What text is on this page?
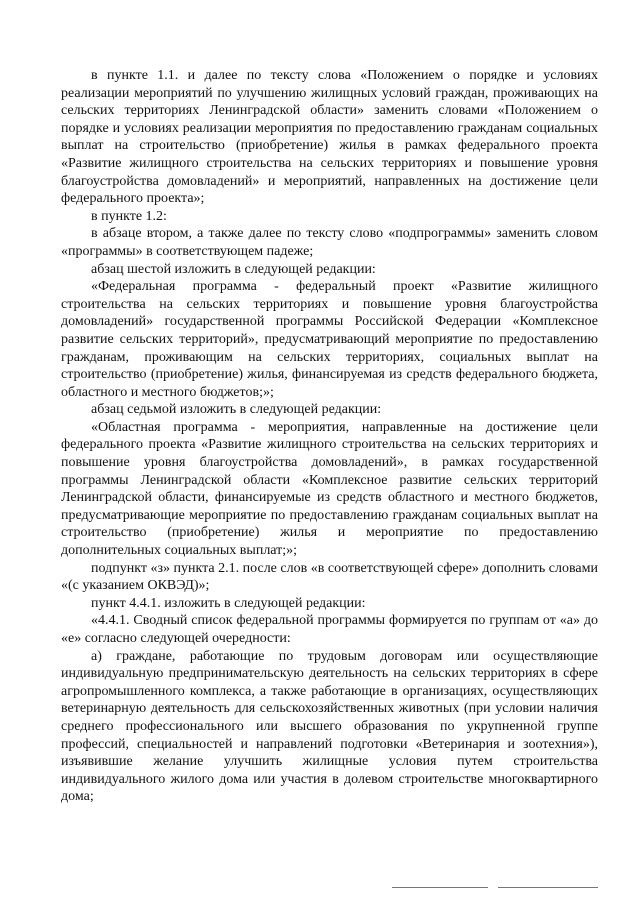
в пункте 1.1. и далее по тексту слова «Положением о порядке и условиях реализации мероприятий по улучшению жилищных условий граждан, проживающих на сельских территориях Ленинградской области» заменить словами «Положением о порядке и условиях реализации мероприятия по предоставлению гражданам социальных выплат на строительство (приобретение) жилья в рамках федерального проекта «Развитие жилищного строительства на сельских территориях и повышение уровня благоустройства домовладений» и мероприятий, направленных на достижение цели федерального проекта»;

в пункте 1.2:

в абзаце втором, а также далее по тексту слово «подпрограммы» заменить словом «программы» в соответствующем падеже;

абзац шестой изложить в следующей редакции:

«Федеральная программа - федеральный проект «Развитие жилищного строительства на сельских территориях и повышение уровня благоустройства домовладений» государственной программы Российской Федерации «Комплексное развитие сельских территорий», предусматривающий мероприятие по предоставлению гражданам, проживающим на сельских территориях, социальных выплат на строительство (приобретение) жилья, финансируемая из средств федерального бюджета, областного и местного бюджетов;»;

абзац седьмой изложить в следующей редакции:

«Областная программа - мероприятия, направленные на достижение цели федерального проекта «Развитие жилищного строительства на сельских территориях и повышение уровня благоустройства домовладений», в рамках государственной программы Ленинградской области «Комплексное развитие сельских территорий Ленинградской области, финансируемые из средств областного и местного бюджетов, предусматривающие мероприятие по предоставлению гражданам социальных выплат на строительство (приобретение) жилья и мероприятие по предоставлению дополнительных социальных выплат;»;

подпункт «з» пункта 2.1. после слов «в соответствующей сфере» дополнить словами «(с указанием ОКВЭД)»;

пункт 4.4.1. изложить в следующей редакции:

«4.4.1. Сводный список федеральной программы формируется по группам от «а» до «е» согласно следующей очередности:

а) граждане, работающие по трудовым договорам или осуществляющие индивидуальную предпринимательскую деятельность на сельских территориях в сфере агропромышленного комплекса, а также работающие в организациях, осуществляющих ветеринарную деятельность для сельскохозяйственных животных (при условии наличия среднего профессионального или высшего образования по укрупненной группе профессий, специальностей и направлений подготовки «Ветеринария и зоотехния»), изъявившие желание улучшить жилищные условия путем строительства индивидуального жилого дома или участия в долевом строительстве многоквартирного дома;
